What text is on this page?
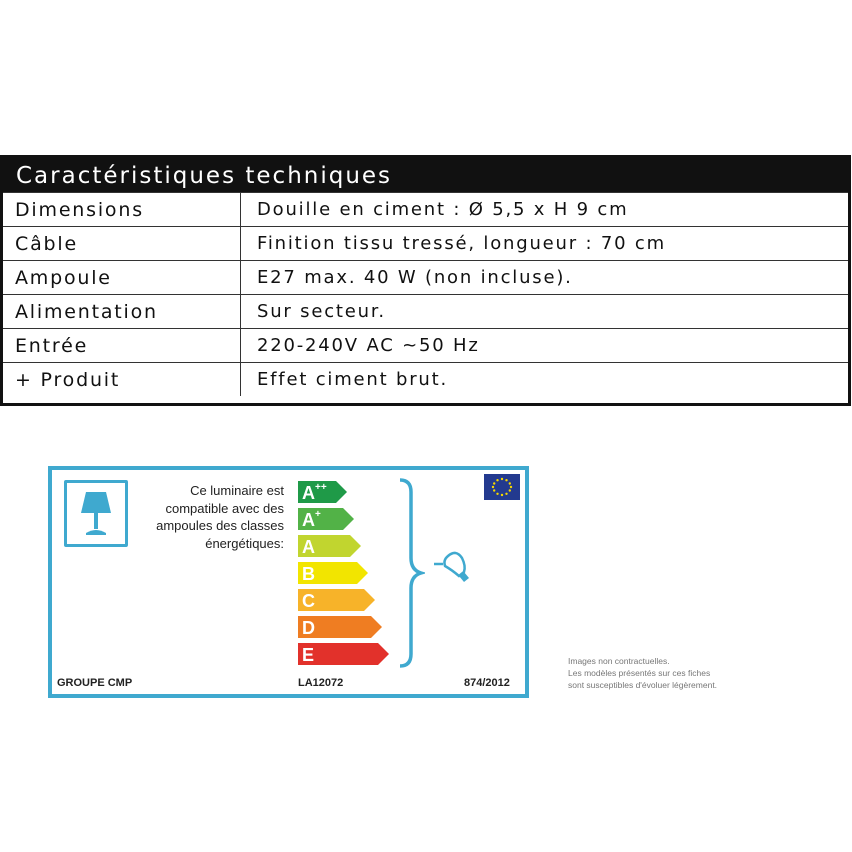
Caractéristiques techniques
Dimensions	Douille en ciment : Ø 5,5 x H 9 cm
Câble	Finition tissu tressé, longueur : 70 cm
Ampoule	E27 max. 40 W (non incluse).
Alimentation	Sur secteur.
Entrée	220-240V AC ~50 Hz
+ Produit	Effet ciment brut.
Ce luminaire est
compatible avec des
ampoules des classes
énergétiques:
A ++
A +
A
B
C
D
E
GROUPE CMP	LA12072	874/2012
Images non contractuelles.
Les modèles présentés sur ces fiches
sont susceptibles d'évoluer légèrement.
